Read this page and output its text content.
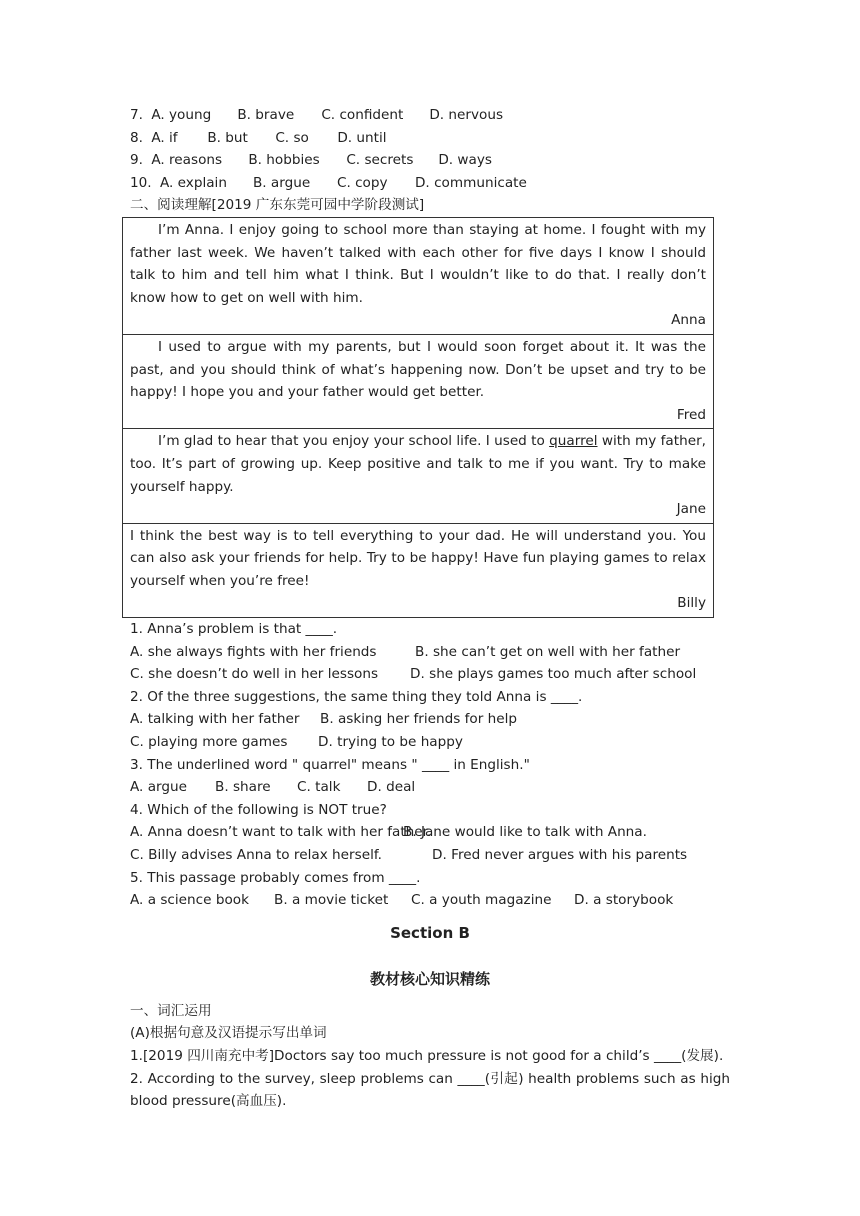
7. A. young B. brave C. confident D. nervous
8. A. if B. but C. so D. until
9. A. reasons B. hobbies C. secrets D. ways
10. A. explain B. argue C. copy D. communicate
二、阅读理解[2019 广东东莞可园中学阶段测试]

I’m Anna. I enjoy going to school more than staying at home. I fought with my father last week. We haven’t talked with each other for five days I know I should talk to him and tell him what I think. But I wouldn’t like to do that. I really don’t know how to get on well with him.

Anna

I used to argue with my parents, but I would soon forget about it. It was the past, and you should think of what’s happening now. Don’t be upset and try to be happy! I hope you and your father would get better.

Fred

I’m glad to hear that you enjoy your school life. I used to quarrel with my father, too. It’s part of growing up. Keep positive and talk to me if you want. Try to make yourself happy.

Jane

I think the best way is to tell everything to your dad. He will understand you. You can also ask your friends for help. Try to be happy! Have fun playing games to relax yourself when you’re free!

Billy
1. Anna’s problem is that ____.
A. she always fights with her friends	B. she can’t get on well with her father
C. she doesn’t do well in her lessons D. she plays games too much after school
2. Of the three suggestions, the same thing they told Anna is ____.
A. talking with her father B. asking her friends for help
C. playing more games D. trying to be happy
3. The underlined word " quarrel" means " ____ in English."
A. argue B. share C. talk D. deal
4. Which of the following is NOT true?
A. Anna doesn’t want to talk with her father.B. Jane would like to talk with Anna.
C. Billy advises Anna to relax herself.	D. Fred never argues with his parents
5. This passage probably comes from ____.
A. a science book B. a movie ticket C. a youth magazine D. a storybook
Section B
教材核心知识精练
一、词汇运用
(A)根据句意及汉语提示写出单词
1.[2019 四川南充中考]Doctors say too much pressure is not good for a child’s ____(发展).
2. According to the survey, sleep problems can ____(引起) health problems such as high blood pressure(高血压).
